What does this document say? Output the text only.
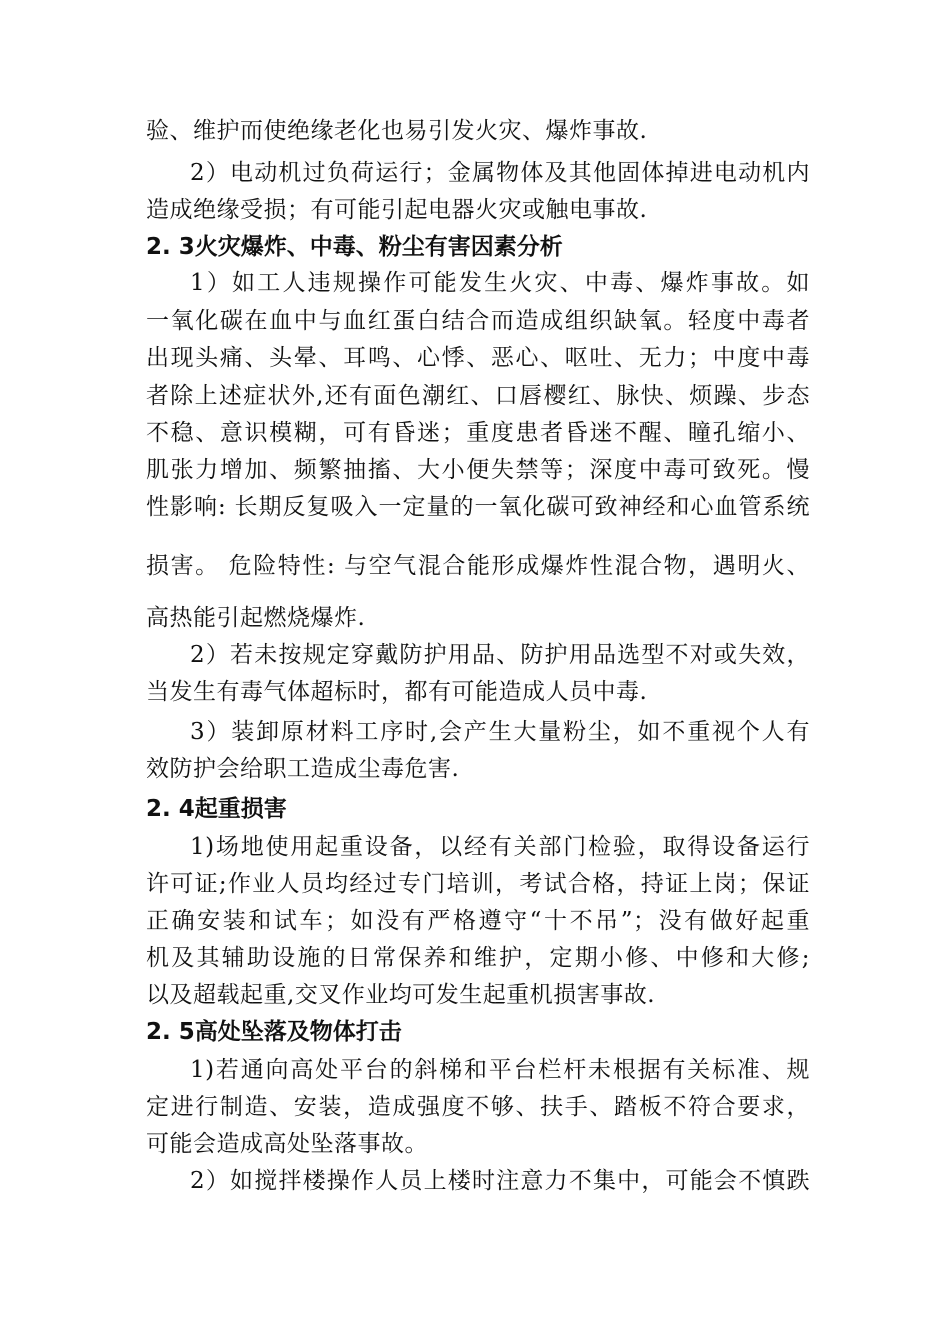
验、维护而使绝缘老化也易引发火灾、爆炸事故.
2）电动机过负荷运行；金属物体及其他固体掉进电动机内
造成绝缘受损；有可能引起电器火灾或触电事故.
2. 3火灾爆炸、中毒、粉尘有害因素分析
1）如工人违规操作可能发生火灾、中毒、爆炸事故。如
一氧化碳在血中与血红蛋白结合而造成组织缺氧。轻度中毒者
出现头痛、头晕、耳鸣、心悸、恶心、呕吐、无力；中度中毒
者除上述症状外,还有面色潮红、口唇樱红、脉快、烦躁、步态
不稳、意识模糊，可有昏迷；重度患者昏迷不醒、瞳孔缩小、
肌张力增加、频繁抽搐、大小便失禁等；深度中毒可致死。慢
性影响: 长期反复吸入一定量的一氧化碳可致神经和心血管系统
损害。 危险特性: 与空气混合能形成爆炸性混合物，遇明火、
高热能引起燃烧爆炸.
2）若未按规定穿戴防护用品、防护用品选型不对或失效，
当发生有毒气体超标时，都有可能造成人员中毒.
3）装卸原材料工序时,会产生大量粉尘，如不重视个人有
效防护会给职工造成尘毒危害.
2. 4起重损害
1)场地使用起重设备，以经有关部门检验，取得设备运行
许可证;作业人员均经过专门培训，考试合格，持证上岗；保证
正确安装和试车；如没有严格遵守“十不吊”；没有做好起重
机及其辅助设施的日常保养和维护，定期小修、中修和大修;
以及超载起重,交叉作业均可发生起重机损害事故.
2. 5高处坠落及物体打击
1)若通向高处平台的斜梯和平台栏杆未根据有关标准、规
定进行制造、安装，造成强度不够、扶手、踏板不符合要求，
可能会造成高处坠落事故。
2）如搅拌楼操作人员上楼时注意力不集中，可能会不慎跌
